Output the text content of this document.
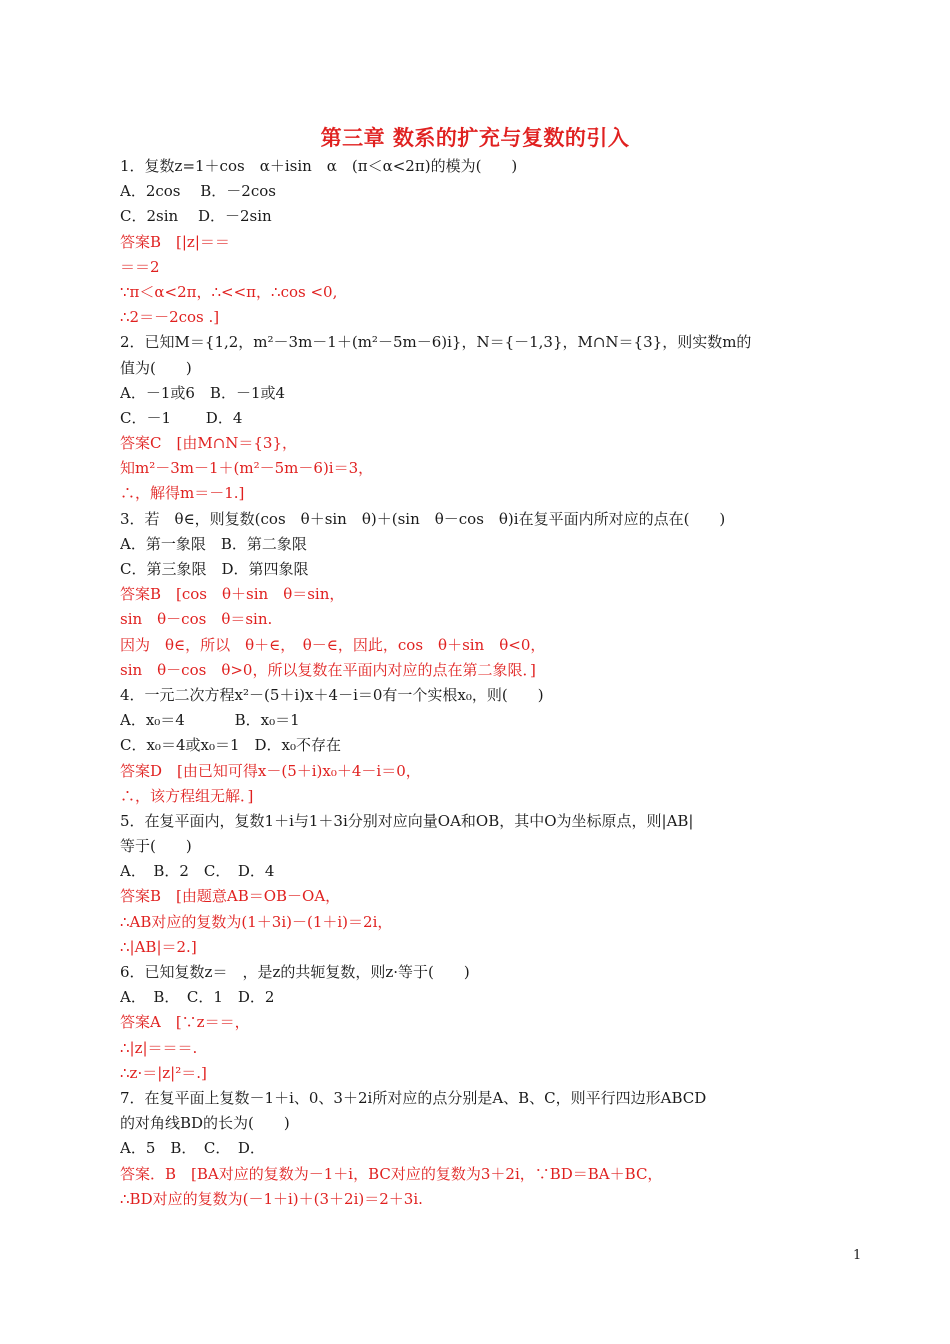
第三章 数系的扩充与复数的引入
1．复数z=1＋cos　α＋isin　α　(π＜α<2π)的模为(　　)
A．2cos　 B．－2cos
C．2sin　 D．－2sin
答案B　[|z|＝＝
＝＝2
∵π＜α<2π，∴<<π，∴cos <0,
∴2＝－2cos .]
2．已知M＝{1,2，m²－3m－1＋(m²－5m－6)i}，N＝{－1,3}，M∩N＝{3}，则实数m的
值为(　　)
A．－1或6　B．－1或4
C．－1　　 D．4
答案C　[由M∩N＝{3}，
知m²－3m－1＋(m²－5m－6)i＝3，
∴，解得m＝－1.]
3．若　θ∈，则复数(cos　θ＋sin　θ)＋(sin　θ－cos　θ)i在复平面内所对应的点在(　　)
A．第一象限　B．第二象限
C．第三象限　D．第四象限
答案B　[cos　θ＋sin　θ＝sin，
sin　θ－cos　θ＝sin.
因为　θ∈，所以　θ＋∈，　θ－∈，因此，cos　θ＋sin　θ<0，
sin　θ－cos　θ>0，所以复数在平面内对应的点在第二象限．]
4．一元二次方程x²－(5＋i)x＋4－i＝0有一个实根x₀，则(　　)
A．x₀＝4　　　 B．x₀＝1
C．x₀＝4或x₀＝1　D．x₀不存在
答案D　[由已知可得x－(5＋i)x₀＋4－i＝0，
∴，该方程组无解．]
5．在复平面内，复数1＋i与1＋3i分别对应向量OA和OB，其中O为坐标原点，则|AB|
等于(　　)
A．　B．2　C．　D．4
答案B　[由题意AB＝OB－OA，
∴AB对应的复数为(1＋3i)－(1＋i)＝2i，
∴|AB|＝2.]
6．已知复数z＝　，是z的共轭复数，则z·等于(　　)
A．　B．　C．1　D．2
答案A　[∵z＝＝，
∴|z|＝＝＝.
∴z·＝|z|²＝.]
7．在复平面上复数－1＋i、0、3＋2i所对应的点分别是A、B、C，则平行四边形ABCD
的对角线BD的长为(　　)
A．5　B．　C．　D．
答案．B　[BA对应的复数为－1＋i，BC对应的复数为3＋2i，∵BD＝BA＋BC，
∴BD对应的复数为(－1＋i)＋(3＋2i)＝2＋3i.
1
